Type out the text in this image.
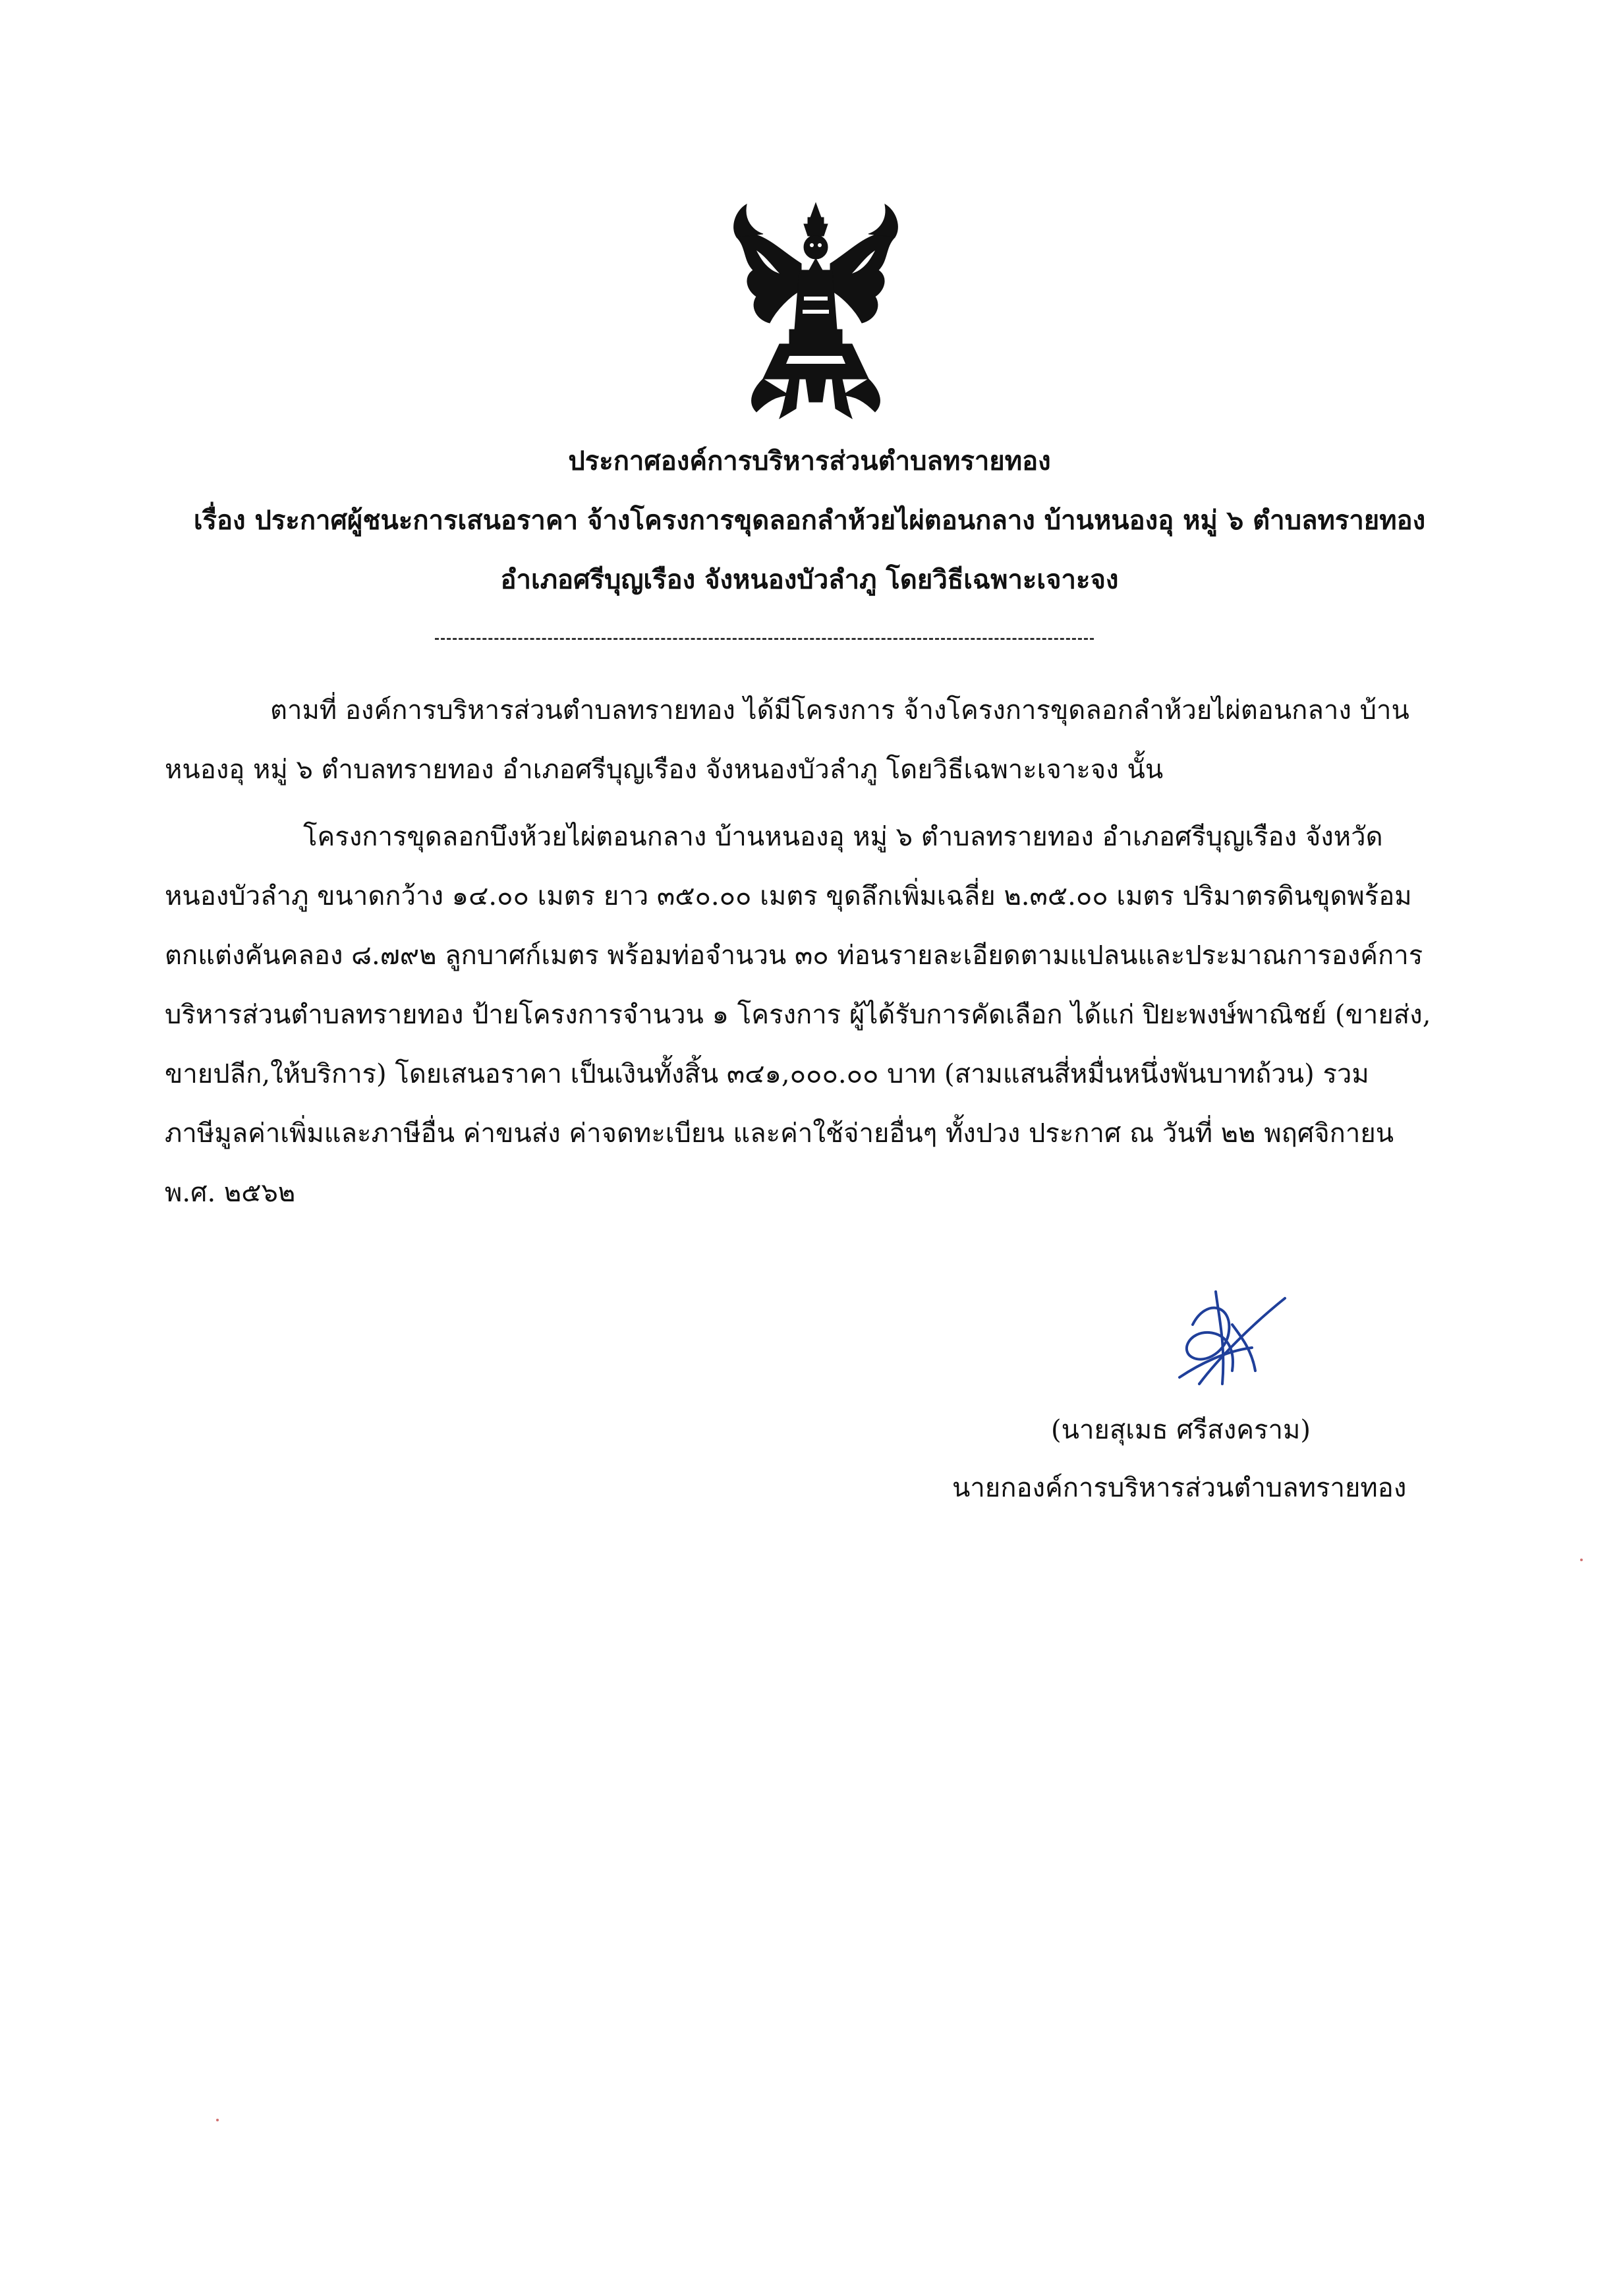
ประกาศองค์การบริหารส่วนตำบลทรายทอง
เรื่อง ประกาศผู้ชนะการเสนอราคา จ้างโครงการขุดลอกลำห้วยไผ่ตอนกลาง บ้านหนองอุ หมู่ ๖ ตำบลทรายทอง
อำเภอศรีบุญเรือง จังหนองบัวลำภู โดยวิธีเฉพาะเจาะจง
ตามที่ องค์การบริหารส่วนตำบลทรายทอง ได้มีโครงการ จ้างโครงการขุดลอกลำห้วยไผ่ตอนกลาง บ้าน
หนองอุ หมู่ ๖ ตำบลทรายทอง อำเภอศรีบุญเรือง จังหนองบัวลำภู โดยวิธีเฉพาะเจาะจง นั้น
โครงการขุดลอกบึงห้วยไผ่ตอนกลาง บ้านหนองอุ หมู่ ๖ ตำบลทรายทอง อำเภอศรีบุญเรือง จังหวัด
หนองบัวลำภู ขนาดกว้าง ๑๔.๐๐ เมตร ยาว ๓๕๐.๐๐ เมตร ขุดลึกเพิ่มเฉลี่ย ๒.๓๕.๐๐ เมตร ปริมาตรดินขุดพร้อม
ตกแต่งคันคลอง ๘.๗๙๒ ลูกบาศก์เมตร พร้อมท่อจำนวน ๓๐ ท่อนรายละเอียดตามแปลนและประมาณการองค์การ
บริหารส่วนตำบลทรายทอง ป้ายโครงการจำนวน ๑ โครงการ ผู้ได้รับการคัดเลือก ได้แก่ ปิยะพงษ์พาณิชย์ (ขายส่ง,
ขายปลีก,ให้บริการ) โดยเสนอราคา เป็นเงินทั้งสิ้น ๓๔๑,๐๐๐.๐๐ บาท (สามแสนสี่หมื่นหนึ่งพันบาทถ้วน) รวม
ภาษีมูลค่าเพิ่มและภาษีอื่น ค่าขนส่ง ค่าจดทะเบียน และค่าใช้จ่ายอื่นๆ ทั้งปวง ประกาศ ณ วันที่ ๒๒ พฤศจิกายน
พ.ศ. ๒๕๖๒
(นายสุเมธ ศรีสงคราม)
นายกองค์การบริหารส่วนตำบลทรายทอง
